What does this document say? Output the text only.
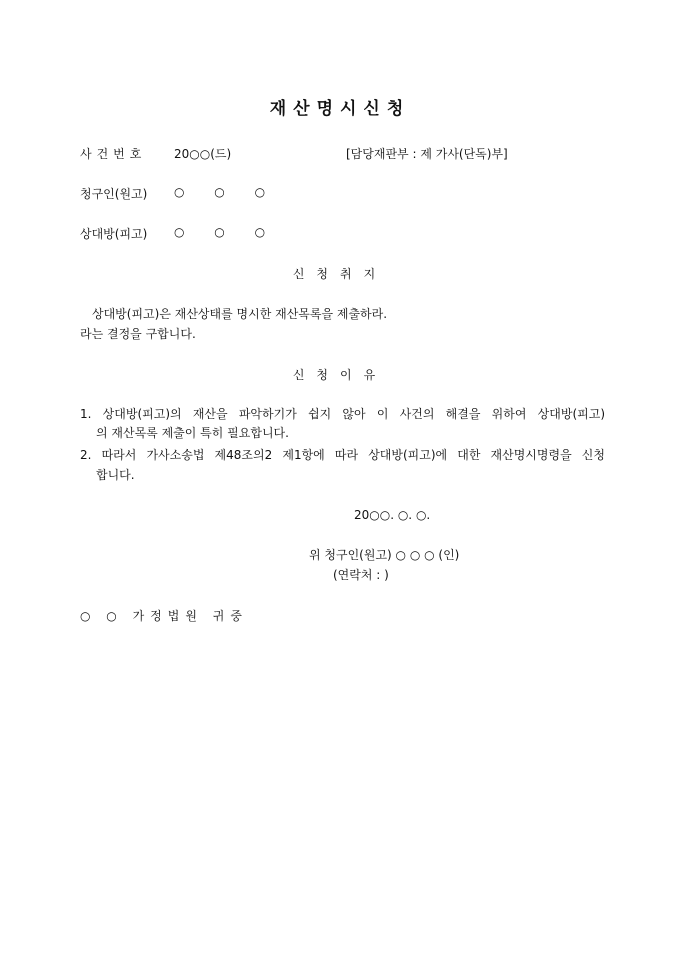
재산명시신청
사건번호 20○○(드)	[담당재판부 : 제 가사(단독)부]
청구인(원고) ○ ○ ○
상대방(피고) ○ ○ ○
신청취지
상대방(피고)은 재산상태를 명시한 재산목록을 제출하라.
라는 결정을 구합니다.
신청이유
1. 상대방(피고)의 재산을 파악하기가 쉽지 않아 이 사건의 해결을 위하여 상대방(피고)
의 재산목록 제출이 특히 필요합니다.
2. 따라서 가사소송법 제48조의2 제1항에 따라 상대방(피고)에 대한 재산명시명령을 신청
합니다.
20○○. ○. ○.
위 청구인(원고) ○ ○ ○ (인)
(연락처 : )
○ ○ 가정법원 귀중
